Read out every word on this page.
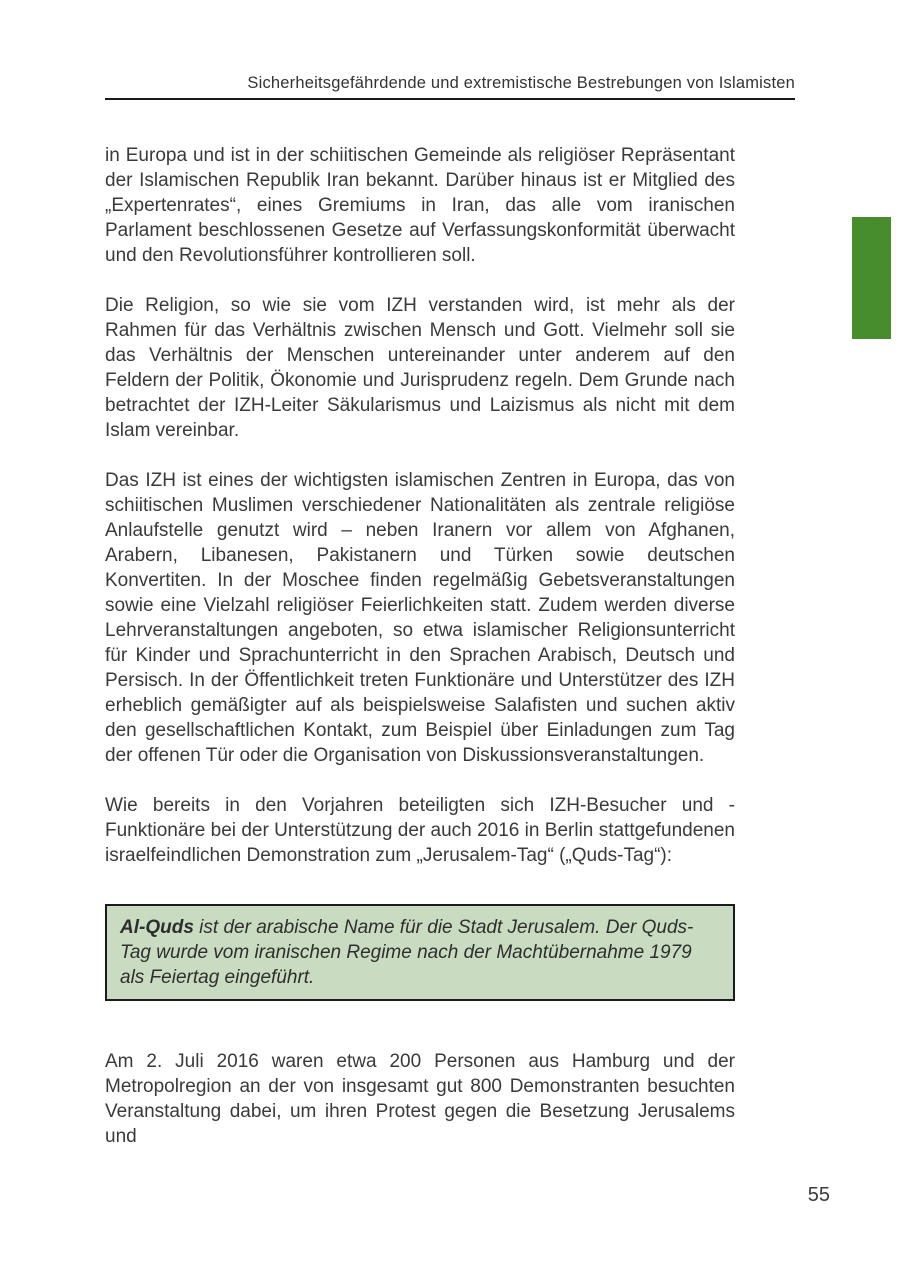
Sicherheitsgefährdende und extremistische Bestrebungen von Islamisten

in Europa und ist in der schiitischen Gemeinde als religiöser Repräsentant der Islamischen Republik Iran bekannt. Darüber hinaus ist er Mitglied des „Expertenrates“, eines Gremiums in Iran, das alle vom iranischen Parlament beschlossenen Gesetze auf Verfassungskonformität überwacht und den Revolutionsführer kontrollieren soll.

Die Religion, so wie sie vom IZH verstanden wird, ist mehr als der Rahmen für das Verhältnis zwischen Mensch und Gott. Vielmehr soll sie das Verhältnis der Menschen untereinander unter anderem auf den Feldern der Politik, Ökonomie und Jurisprudenz regeln. Dem Grunde nach betrachtet der IZH-Leiter Säkularismus und Laizismus als nicht mit dem Islam vereinbar.

Das IZH ist eines der wichtigsten islamischen Zentren in Europa, das von schiitischen Muslimen verschiedener Nationalitäten als zentrale religiöse Anlaufstelle genutzt wird – neben Iranern vor allem von Afghanen, Arabern, Libanesen, Pakistanern und Türken sowie deutschen Konvertiten. In der Moschee finden regelmäßig Gebetsveranstaltungen sowie eine Vielzahl religiöser Feierlichkeiten statt. Zudem werden diverse Lehrveranstaltungen angeboten, so etwa islamischer Religionsunterricht für Kinder und Sprachunterricht in den Sprachen Arabisch, Deutsch und Persisch. In der Öffentlichkeit treten Funktionäre und Unterstützer des IZH erheblich gemäßigter auf als beispielsweise Salafisten und suchen aktiv den gesellschaftlichen Kontakt, zum Beispiel über Einladungen zum Tag der offenen Tür oder die Organisation von Diskussionsveranstaltungen.

Wie bereits in den Vorjahren beteiligten sich IZH-Besucher und -Funktionäre bei der Unterstützung der auch 2016 in Berlin stattgefundenen israelfeindlichen Demonstration zum „Jerusalem-Tag“ („Quds-Tag“):

Al-Quds ist der arabische Name für die Stadt Jerusalem. Der Quds-Tag wurde vom iranischen Regime nach der Machtübernahme 1979 als Feiertag eingeführt.

Am 2. Juli 2016 waren etwa 200 Personen aus Hamburg und der Metropolregion an der von insgesamt gut 800 Demonstranten besuchten Veranstaltung dabei, um ihren Protest gegen die Besetzung Jerusalems und

55
